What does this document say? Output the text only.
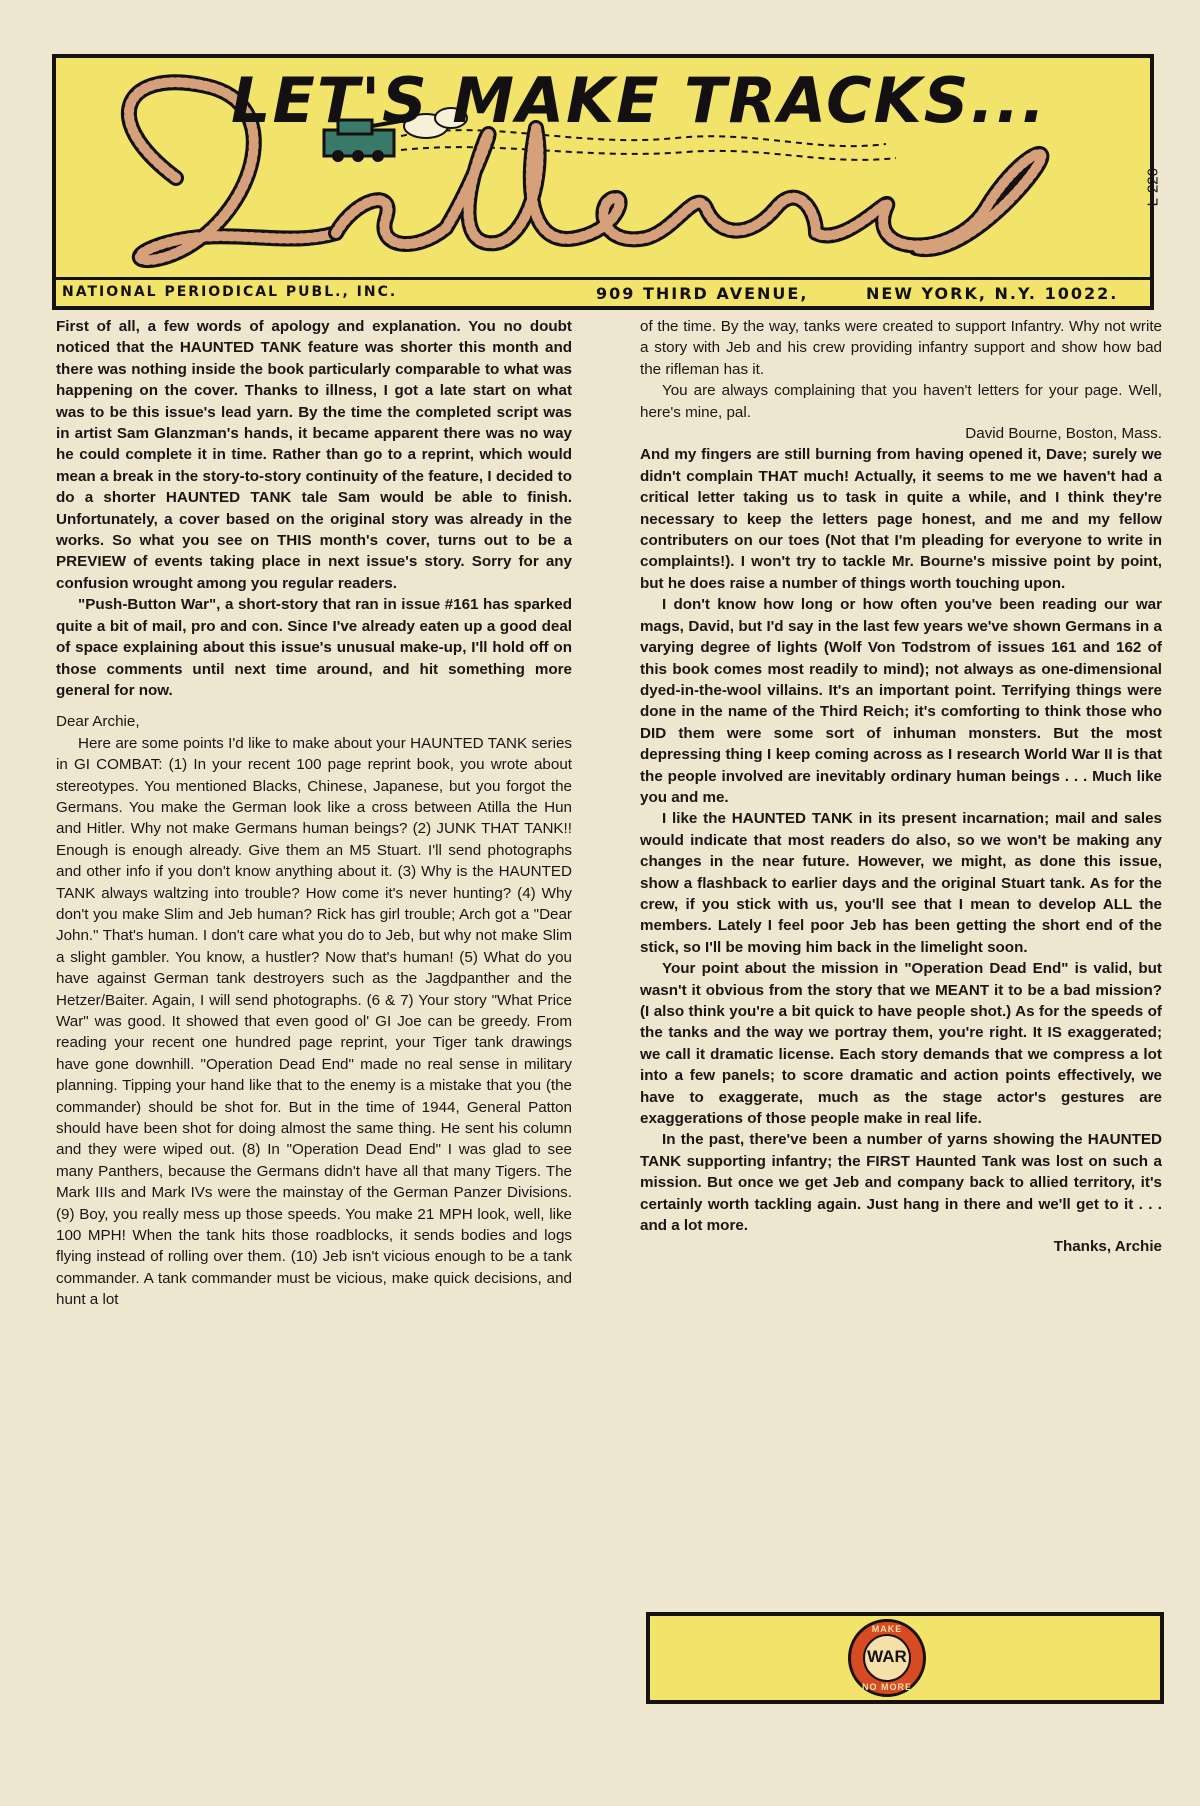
LET'S MAKE TRACKS...
L-220
NATIONAL PERIODICAL PUBL., INC.	909 THIRD AVENUE,	NEW YORK, N.Y. 10022.

First of all, a few words of apology and explanation. You no doubt noticed that the HAUNTED TANK feature was shorter this month and there was nothing inside the book particularly comparable to what was happening on the cover. Thanks to illness, I got a late start on what was to be this issue's lead yarn. By the time the completed script was in artist Sam Glanzman's hands, it became apparent there was no way he could complete it in time. Rather than go to a reprint, which would mean a break in the story-to-story continuity of the feature, I decided to do a shorter HAUNTED TANK tale Sam would be able to finish. Unfortunately, a cover based on the original story was already in the works. So what you see on THIS month's cover, turns out to be a PREVIEW of events taking place in next issue's story. Sorry for any confusion wrought among you regular readers.

"Push-Button War", a short-story that ran in issue #161 has sparked quite a bit of mail, pro and con. Since I've already eaten up a good deal of space explaining about this issue's unusual make-up, I'll hold off on those comments until next time around, and hit something more general for now.

Dear Archie,

Here are some points I'd like to make about your HAUNTED TANK series in GI COMBAT: (1) In your recent 100 page reprint book, you wrote about stereotypes. You mentioned Blacks, Chinese, Japanese, but you forgot the Germans. You make the German look like a cross between Atilla the Hun and Hitler. Why not make Germans human beings? (2) JUNK THAT TANK!! Enough is enough already. Give them an M5 Stuart. I'll send photographs and other info if you don't know anything about it. (3) Why is the HAUNTED TANK always waltzing into trouble? How come it's never hunting? (4) Why don't you make Slim and Jeb human? Rick has girl trouble; Arch got a "Dear John." That's human. I don't care what you do to Jeb, but why not make Slim a slight gambler. You know, a hustler? Now that's human! (5) What do you have against German tank destroyers such as the Jagdpanther and the Hetzer/Baiter. Again, I will send photographs. (6 & 7) Your story "What Price War" was good. It showed that even good ol' GI Joe can be greedy. From reading your recent one hundred page reprint, your Tiger tank drawings have gone downhill. "Operation Dead End" made no real sense in military planning. Tipping your hand like that to the enemy is a mistake that you (the commander) should be shot for. But in the time of 1944, General Patton should have been shot for doing almost the same thing. He sent his column and they were wiped out. (8) In "Operation Dead End" I was glad to see many Panthers, because the Germans didn't have all that many Tigers. The Mark IIIs and Mark IVs were the mainstay of the German Panzer Divisions. (9) Boy, you really mess up those speeds. You make 21 MPH look, well, like 100 MPH! When the tank hits those roadblocks, it sends bodies and logs flying instead of rolling over them. (10) Jeb isn't vicious enough to be a tank commander. A tank commander must be vicious, make quick decisions, and hunt a lot

of the time. By the way, tanks were created to support Infantry. Why not write a story with Jeb and his crew providing infantry support and show how bad the rifleman has it.

You are always complaining that you haven't letters for your page. Well, here's mine, pal.

David Bourne, Boston, Mass.

And my fingers are still burning from having opened it, Dave; surely we didn't complain THAT much! Actually, it seems to me we haven't had a critical letter taking us to task in quite a while, and I think they're necessary to keep the letters page honest, and me and my fellow contributers on our toes (Not that I'm pleading for everyone to write in complaints!). I won't try to tackle Mr. Bourne's missive point by point, but he does raise a number of things worth touching upon.

I don't know how long or how often you've been reading our war mags, David, but I'd say in the last few years we've shown Germans in a varying degree of lights (Wolf Von Todstrom of issues 161 and 162 of this book comes most readily to mind); not always as one-dimensional dyed-in-the-wool villains. It's an important point. Terrifying things were done in the name of the Third Reich; it's comforting to think those who DID them were some sort of inhuman monsters. But the most depressing thing I keep coming across as I research World War II is that the people involved are inevitably ordinary human beings . . . Much like you and me.

I like the HAUNTED TANK in its present incarnation; mail and sales would indicate that most readers do also, so we won't be making any changes in the near future. However, we might, as done this issue, show a flashback to earlier days and the original Stuart tank. As for the crew, if you stick with us, you'll see that I mean to develop ALL the members. Lately I feel poor Jeb has been getting the short end of the stick, so I'll be moving him back in the limelight soon.

Your point about the mission in "Operation Dead End" is valid, but wasn't it obvious from the story that we MEANT it to be a bad mission? (I also think you're a bit quick to have people shot.) As for the speeds of the tanks and the way we portray them, you're right. It IS exaggerated; we call it dramatic license. Each story demands that we compress a lot into a few panels; to score dramatic and action points effectively, we have to exaggerate, much as the stage actor's gestures are exaggerations of those people make in real life.

In the past, there've been a number of yarns showing the HAUNTED TANK supporting infantry; the FIRST Haunted Tank was lost on such a mission. But once we get Jeb and company back to allied territory, it's certainly worth tackling again. Just hang in there and we'll get to it . . . and a lot more.

Thanks, Archie

MAKE
WAR
NO MORE
